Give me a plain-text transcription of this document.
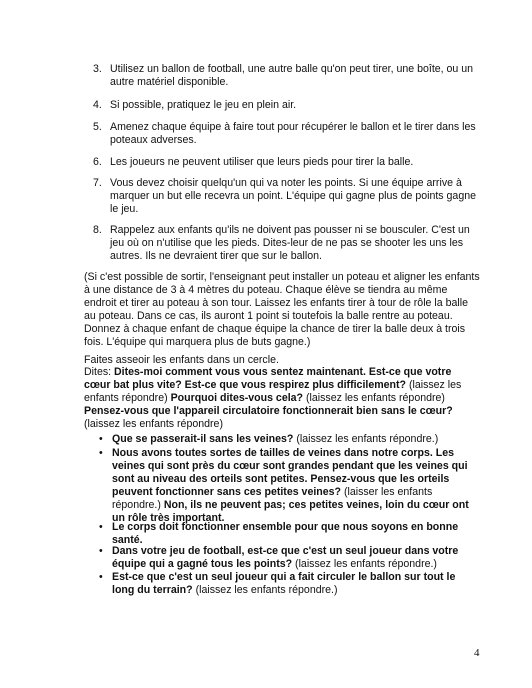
3. Utilisez un ballon de football, une autre balle qu'on peut tirer, une boîte, ou un autre matériel disponible.
4. Si possible, pratiquez le jeu en plein air.
5. Amenez chaque équipe à faire tout pour récupérer le ballon et le tirer dans les poteaux adverses.
6. Les joueurs ne peuvent utiliser que leurs pieds pour tirer la balle.
7. Vous devez choisir quelqu'un qui va noter les points. Si une équipe arrive à marquer un but elle recevra un point. L'équipe qui gagne plus de points gagne le jeu.
8. Rappelez aux enfants qu'ils ne doivent pas pousser ni se bousculer. C'est un jeu où on n'utilise que les pieds. Dites-leur de ne pas se shooter les uns les autres. Ils ne devraient tirer que sur le ballon.
(Si c'est possible de sortir, l'enseignant peut installer un poteau et aligner les enfants à une distance de 3 à 4 mètres du poteau. Chaque élève se tiendra au même endroit et tirer au poteau à son tour. Laissez les enfants tirer à tour de rôle la balle au poteau. Dans ce cas, ils auront 1 point si toutefois la balle rentre au poteau. Donnez à chaque enfant de chaque équipe la chance de tirer la balle deux à trois fois. L'équipe qui marquera plus de buts gagne.)
Faites asseoir les enfants dans un cercle.
Dites: Dites-moi comment vous vous sentez maintenant. Est-ce que votre cœur bat plus vite? Est-ce que vous respirez plus difficilement? (laissez les enfants répondre) Pourquoi dites-vous cela? (laissez les enfants répondre)
Pensez-vous que l'appareil circulatoire fonctionnerait bien sans le cœur? (laissez les enfants répondre)
• Que se passerait-il sans les veines? (laissez les enfants répondre.)
• Nous avons toutes sortes de tailles de veines dans notre corps. Les veines qui sont près du cœur sont grandes pendant que les veines qui sont au niveau des orteils sont petites. Pensez-vous que les orteils peuvent fonctionner sans ces petites veines? (laisser les enfants répondre.) Non, ils ne peuvent pas; ces petites veines, loin du cœur ont un rôle très important.
• Le corps doit fonctionner ensemble pour que nous soyons en bonne santé.
• Dans votre jeu de football, est-ce que c'est un seul joueur dans votre équipe qui a gagné tous les points? (laissez les enfants répondre.)
• Est-ce que c'est un seul joueur qui a fait circuler le ballon sur tout le long du terrain? (laissez les enfants répondre.)
4
